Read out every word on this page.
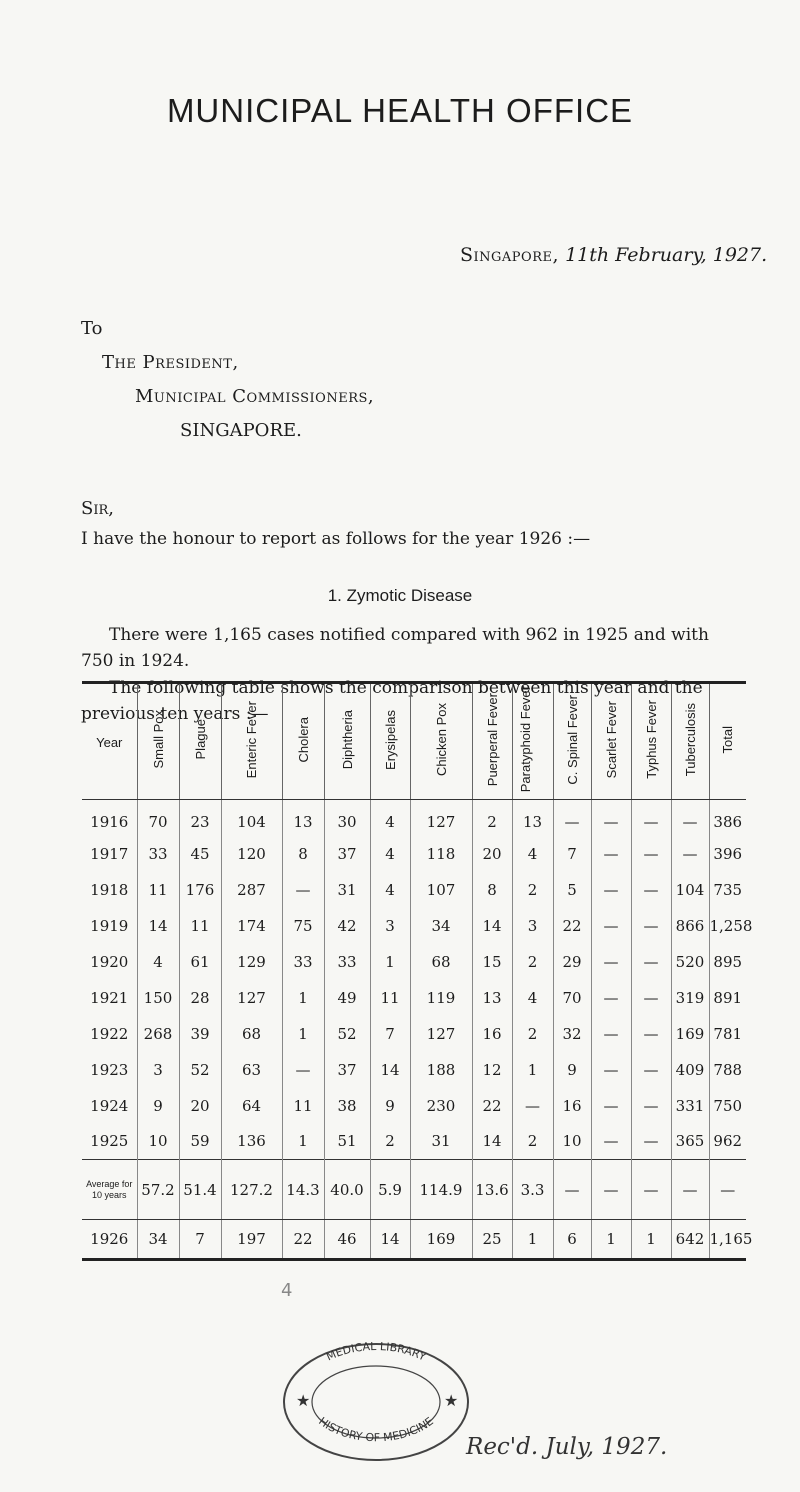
MUNICIPAL HEALTH OFFICE
Singapore, 11th February, 1927.
To
The President,
Municipal Commissioners,
SINGAPORE.
Sir,
I have the honour to report as follows for the year 1926 :—
1. Zymotic Disease
There were 1,165 cases notified compared with 962 in 1925 and with 750 in 1924.
The following table shows the comparison between this year and the previous ten years :—
Year	Small Pox	Plague	Enteric Fever	Cholera	Diphtheria	Erysipelas	Chicken Pox	Puerperal Fever	Paratyphoid Fever	C. Spinal Fever	Scarlet Fever	Typhus Fever	Tuberculosis	Total
1916	70	23	104	13	30	4	127	2	13	—	—	—	—	386
1917	33	45	120	8	37	4	118	20	4	7	—	—	—	396
1918	11	176	287	—	31	4	107	8	2	5	—	—	104	735
1919	14	11	174	75	42	3	34	14	3	22	—	—	866	1,258
1920	4	61	129	33	33	1	68	15	2	29	—	—	520	895
1921	150	28	127	1	49	11	119	13	4	70	—	—	319	891
1922	268	39	68	1	52	7	127	16	2	32	—	—	169	781
1923	3	52	63	—	37	14	188	12	1	9	—	—	409	788
1924	9	20	64	11	38	9	230	22	—	16	—	—	331	750
1925	10	59	136	1	51	2	31	14	2	10	—	—	365	962
Average for 10 years	57.2	51.4	127.2	14.3	40.0	5.9	114.9	13.6	3.3	—	—	—	—	—
1926	34	7	197	22	46	14	169	25	1	6	1	1	642	1,165
4
MEDICAL LIBRARY
HISTORY OF MEDICINE
★	★
Rec'd. July, 1927.
